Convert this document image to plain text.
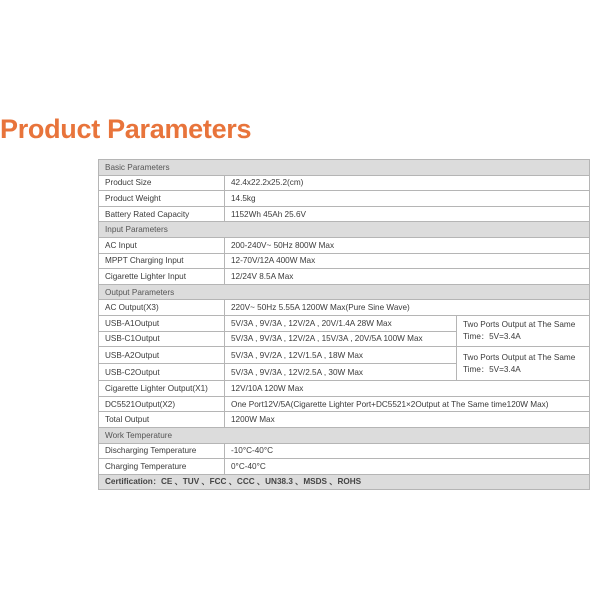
Product Parameters
Basic Parameters		
Product Size	42.4x22.2x25.2(cm)	
Product Weight	14.5kg	
Battery Rated Capacity	1152Wh 45Ah 25.6V	
Input Parameters		
AC Input	200-240V~ 50Hz 800W Max	
MPPT Charging Input	12-70V/12A 400W Max	
Cigarette Lighter Input	12/24V 8.5A Max	
Output Parameters		
AC Output(X3)	220V~ 50Hz 5.55A 1200W Max(Pure Sine Wave)	
USB-A1Output	5V/3A , 9V/3A , 12V/2A , 20V/1.4A 28W Max	Two Ports Output at The Same Time：5V=3.4A
USB-C1Output	5V/3A , 9V/3A , 12V/2A , 15V/3A , 20V/5A 100W Max	
USB-A2Output	5V/3A , 9V/2A , 12V/1.5A , 18W Max	Two Ports Output at The Same Time：5V=3.4A
USB-C2Output	5V/3A , 9V/3A , 12V/2.5A , 30W Max	
Cigarette Lighter Output(X1)	12V/10A 120W Max	
DC5521Output(X2)	One Port12V/5A(Cigarette Lighter Port+DC5521×2Output at The Same time120W Max)	
Total Output	1200W Max	
Work Temperature		
Discharging Temperature	-10°C-40°C	
Charging Temperature	0°C-40°C	
Certification：CE 、TUV 、FCC 、CCC 、UN38.3 、MSDS 、ROHS		
